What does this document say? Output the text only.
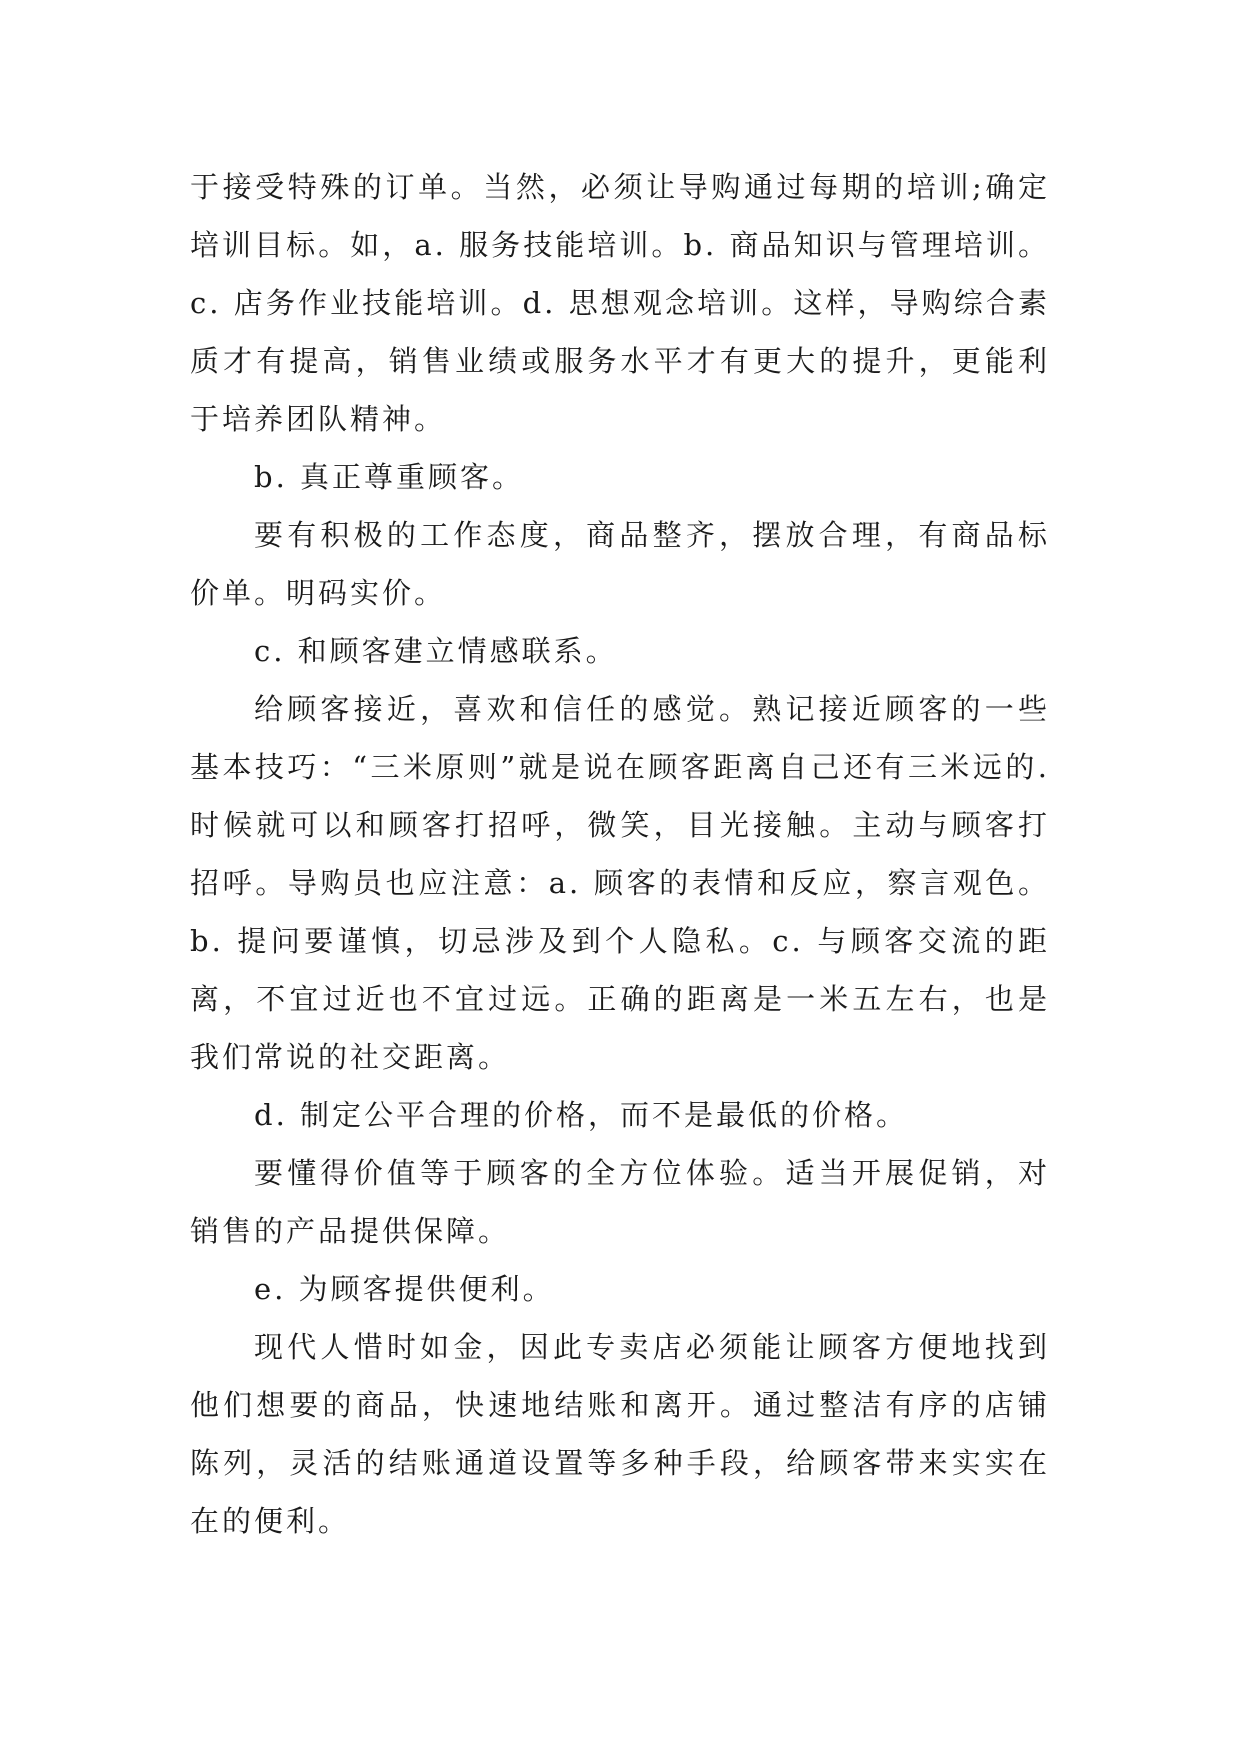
于接受特殊的订单。当然，必须让导购通过每期的培训;确定培训目标。如，a. 服务技能培训。b. 商品知识与管理培训。c. 店务作业技能培训。d. 思想观念培训。这样，导购综合素质才有提高，销售业绩或服务水平才有更大的提升，更能利于培养团队精神。

b. 真正尊重顾客。

要有积极的工作态度，商品整齐，摆放合理，有商品标价单。明码实价。

c. 和顾客建立情感联系。

给顾客接近，喜欢和信任的感觉。熟记接近顾客的一些基本技巧：“三米原则”就是说在顾客距离自己还有三米远的. 时候就可以和顾客打招呼，微笑，目光接触。主动与顾客打招呼。导购员也应注意：a. 顾客的表情和反应，察言观色。b. 提问要谨慎，切忌涉及到个人隐私。c. 与顾客交流的距离，不宜过近也不宜过远。正确的距离是一米五左右，也是我们常说的社交距离。

d. 制定公平合理的价格，而不是最低的价格。

要懂得价值等于顾客的全方位体验。适当开展促销，对销售的产品提供保障。

e. 为顾客提供便利。

现代人惜时如金，因此专卖店必须能让顾客方便地找到他们想要的商品，快速地结账和离开。通过整洁有序的店铺陈列，灵活的结账通道设置等多种手段，给顾客带来实实在在的便利。
